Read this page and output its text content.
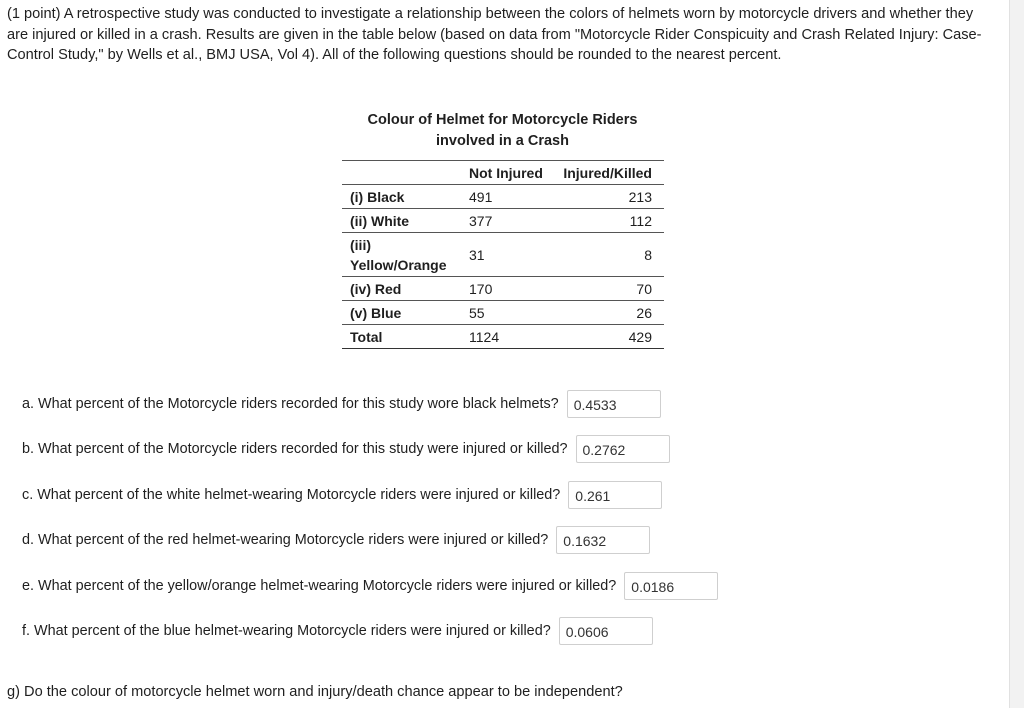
(1 point) A retrospective study was conducted to investigate a relationship between the colors of helmets worn by motorcycle drivers and whether they are injured or killed in a crash. Results are given in the table below (based on data from "Motorcycle Rider Conspicuity and Crash Related Injury: Case-Control Study," by Wells et al., BMJ USA, Vol 4). All of the following questions should be rounded to the nearest percent.

Colour of Helmet for Motorcycle Riders
involved in a Crash
	Not Injured	Injured/Killed
(i) Black	491	213
(ii) White	377	112

(iii)
Yellow/Orange	31	8
(iv) Red	170	70
(v) Blue	55	26
Total	1124	429
a. What percent of the Motorcycle riders recorded for this study wore black helmets?	0.4533
b. What percent of the Motorcycle riders recorded for this study were injured or killed?	0.2762
c. What percent of the white helmet-wearing Motorcycle riders were injured or killed?	0.261
d. What percent of the red helmet-wearing Motorcycle riders were injured or killed?	0.1632
e. What percent of the yellow/orange helmet-wearing Motorcycle riders were injured or killed?	0.0186
f. What percent of the blue helmet-wearing Motorcycle riders were injured or killed?	0.0606
g) Do the colour of motorcycle helmet worn and injury/death chance appear to be independent?
